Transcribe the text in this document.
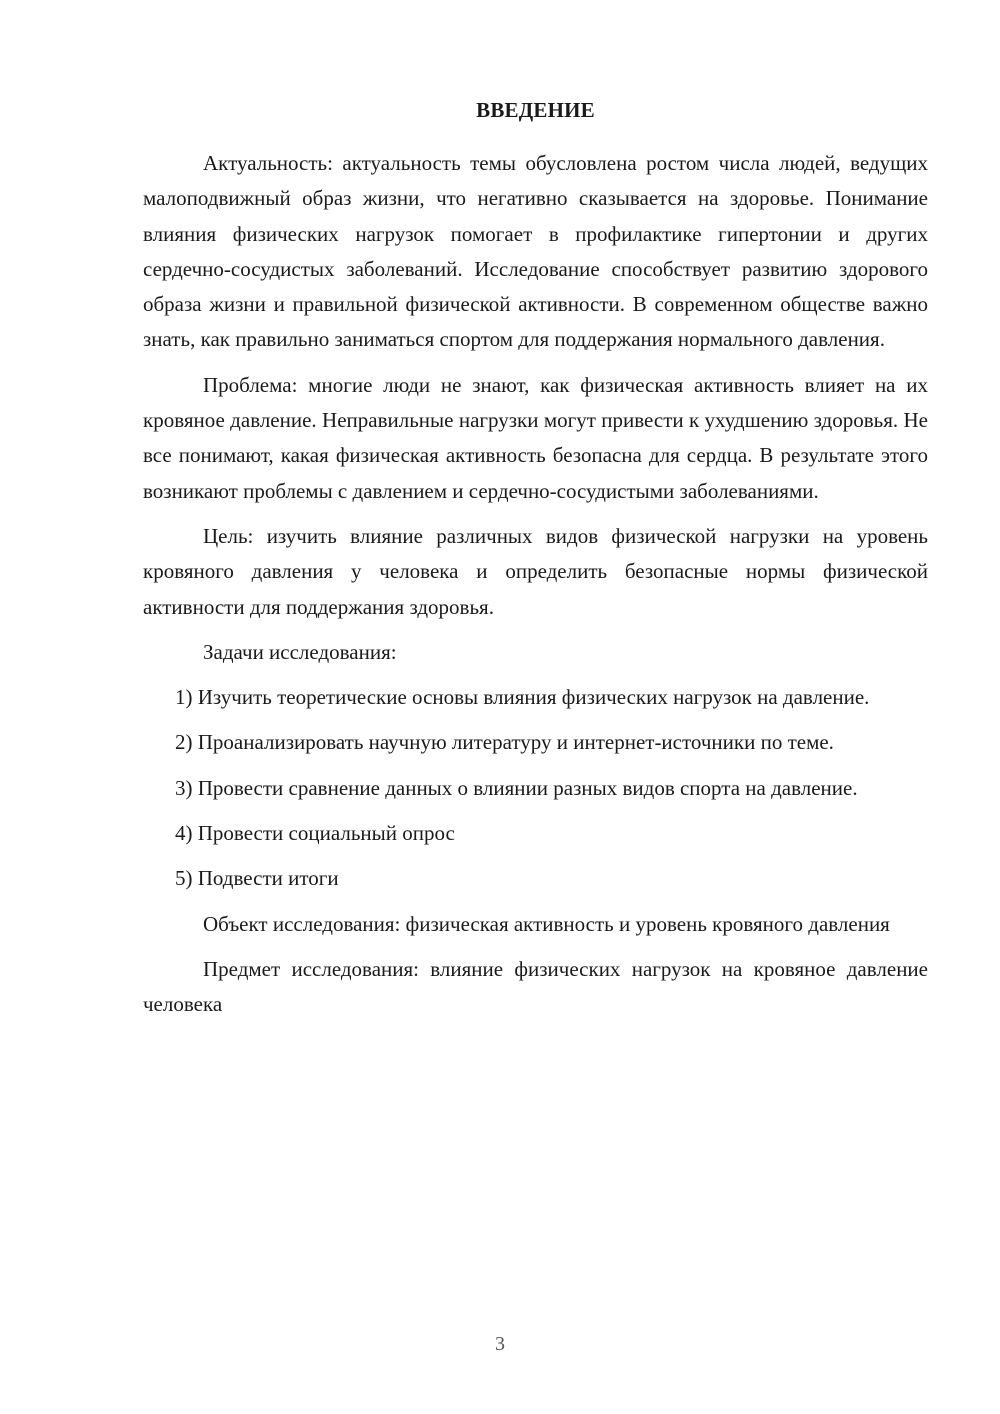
ВВЕДЕНИЕ

Актуальность: актуальность темы обусловлена ростом числа людей, ведущих малоподвижный образ жизни, что негативно сказывается на здоровье. Понимание влияния физических нагрузок помогает в профилактике гипертонии и других сердечно-сосудистых заболеваний. Исследование способствует развитию здорового образа жизни и правильной физической активности. В современном обществе важно знать, как правильно заниматься спортом для поддержания нормального давления.

Проблема: многие люди не знают, как физическая активность влияет на их кровяное давление. Неправильные нагрузки могут привести к ухудшению здоровья. Не все понимают, какая физическая активность безопасна для сердца. В результате этого возникают проблемы с давлением и сердечно-сосудистыми заболеваниями.

Цель: изучить влияние различных видов физической нагрузки на уровень кровяного давления у человека и определить безопасные нормы физической активности для поддержания здоровья.

Задачи исследования:

1) Изучить теоретические основы влияния физических нагрузок на давление.

2) Проанализировать научную литературу и интернет-источники по теме.

3) Провести сравнение данных о влиянии разных видов спорта на давление.

4) Провести социальный опрос

5) Подвести итоги

Объект исследования: физическая активность и уровень кровяного давления

Предмет исследования: влияние физических нагрузок на кровяное давление человека

3
